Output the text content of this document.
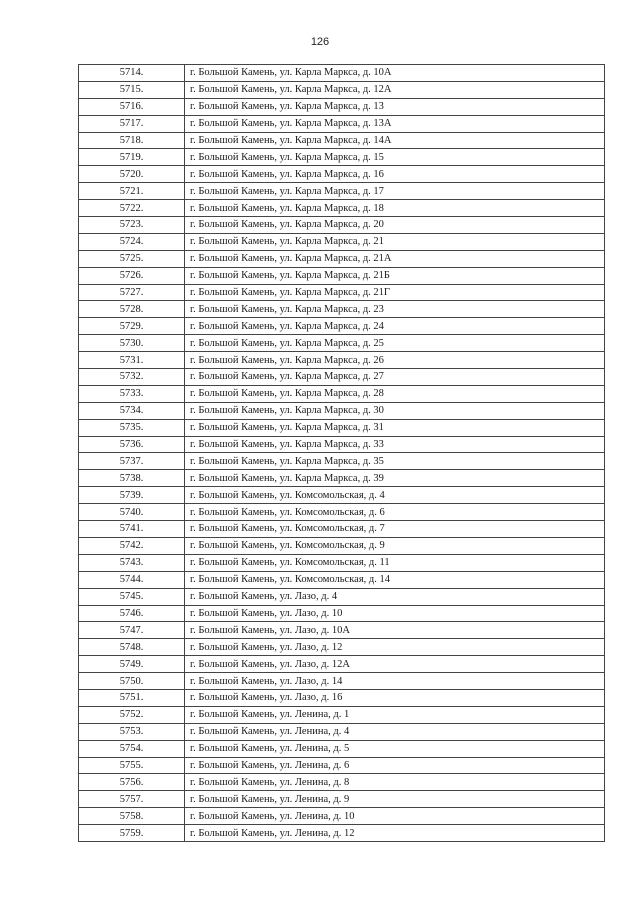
126
5714.	г. Большой Камень, ул. Карла Маркса, д. 10А
5715.	г. Большой Камень, ул. Карла Маркса, д. 12А
5716.	г. Большой Камень, ул. Карла Маркса, д. 13
5717.	г. Большой Камень, ул. Карла Маркса, д. 13А
5718.	г. Большой Камень, ул. Карла Маркса, д. 14А
5719.	г. Большой Камень, ул. Карла Маркса, д. 15
5720.	г. Большой Камень, ул. Карла Маркса, д. 16
5721.	г. Большой Камень, ул. Карла Маркса, д. 17
5722.	г. Большой Камень, ул. Карла Маркса, д. 18
5723.	г. Большой Камень, ул. Карла Маркса, д. 20
5724.	г. Большой Камень, ул. Карла Маркса, д. 21
5725.	г. Большой Камень, ул. Карла Маркса, д. 21А
5726.	г. Большой Камень, ул. Карла Маркса, д. 21Б
5727.	г. Большой Камень, ул. Карла Маркса, д. 21Г
5728.	г. Большой Камень, ул. Карла Маркса, д. 23
5729.	г. Большой Камень, ул. Карла Маркса, д. 24
5730.	г. Большой Камень, ул. Карла Маркса, д. 25
5731.	г. Большой Камень, ул. Карла Маркса, д. 26
5732.	г. Большой Камень, ул. Карла Маркса, д. 27
5733.	г. Большой Камень, ул. Карла Маркса, д. 28
5734.	г. Большой Камень, ул. Карла Маркса, д. 30
5735.	г. Большой Камень, ул. Карла Маркса, д. 31
5736.	г. Большой Камень, ул. Карла Маркса, д. 33
5737.	г. Большой Камень, ул. Карла Маркса, д. 35
5738.	г. Большой Камень, ул. Карла Маркса, д. 39
5739.	г. Большой Камень, ул. Комсомольская, д. 4
5740.	г. Большой Камень, ул. Комсомольская, д. 6
5741.	г. Большой Камень, ул. Комсомольская, д. 7
5742.	г. Большой Камень, ул. Комсомольская, д. 9
5743.	г. Большой Камень, ул. Комсомольская, д. 11
5744.	г. Большой Камень, ул. Комсомольская, д. 14
5745.	г. Большой Камень, ул. Лазо, д. 4
5746.	г. Большой Камень, ул. Лазо, д. 10
5747.	г. Большой Камень, ул. Лазо, д. 10А
5748.	г. Большой Камень, ул. Лазо, д. 12
5749.	г. Большой Камень, ул. Лазо, д. 12А
5750.	г. Большой Камень, ул. Лазо, д. 14
5751.	г. Большой Камень, ул. Лазо, д. 16
5752.	г. Большой Камень, ул. Ленина, д. 1
5753.	г. Большой Камень, ул. Ленина, д. 4
5754.	г. Большой Камень, ул. Ленина, д. 5
5755.	г. Большой Камень, ул. Ленина, д. 6
5756.	г. Большой Камень, ул. Ленина, д. 8
5757.	г. Большой Камень, ул. Ленина, д. 9
5758.	г. Большой Камень, ул. Ленина, д. 10
5759.	г. Большой Камень, ул. Ленина, д. 12
